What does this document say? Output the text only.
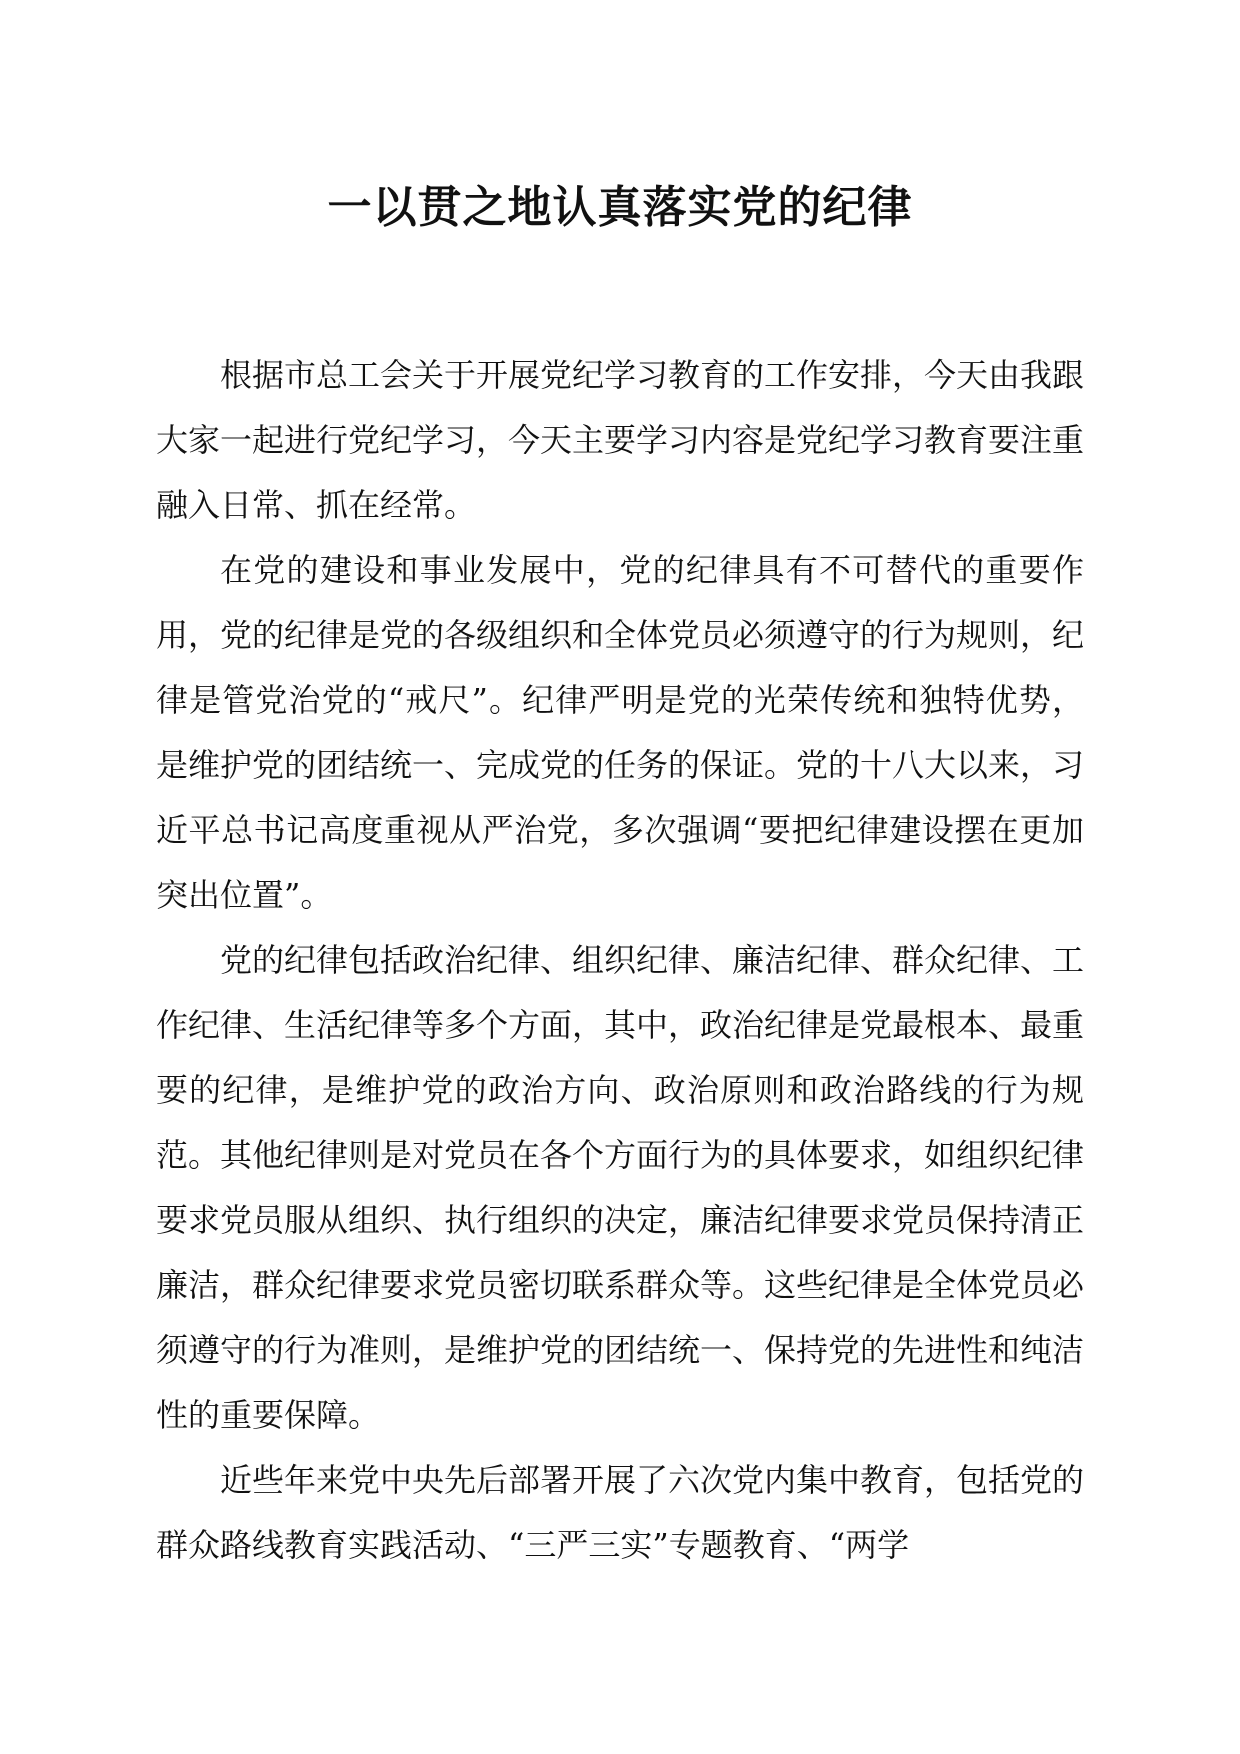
一以贯之地认真落实党的纪律

根据市总工会关于开展党纪学习教育的工作安排，今天由我跟大家一起进行党纪学习，今天主要学习内容是党纪学习教育要注重融入日常、抓在经常。

在党的建设和事业发展中，党的纪律具有不可替代的重要作用，党的纪律是党的各级组织和全体党员必须遵守的行为规则，纪律是管党治党的“戒尺”。纪律严明是党的光荣传统和独特优势，是维护党的团结统一、完成党的任务的保证。党的十八大以来，习近平总书记高度重视从严治党，多次强调“要把纪律建设摆在更加突出位置”。

党的纪律包括政治纪律、组织纪律、廉洁纪律、群众纪律、工作纪律、生活纪律等多个方面，其中，政治纪律是党最根本、最重要的纪律，是维护党的政治方向、政治原则和政治路线的行为规范。其他纪律则是对党员在各个方面行为的具体要求，如组织纪律要求党员服从组织、执行组织的决定，廉洁纪律要求党员保持清正廉洁，群众纪律要求党员密切联系群众等。这些纪律是全体党员必须遵守的行为准则，是维护党的团结统一、保持党的先进性和纯洁性的重要保障。

近些年来党中央先后部署开展了六次党内集中教育，包括党的群众路线教育实践活动、“三严三实”专题教育、“两学
